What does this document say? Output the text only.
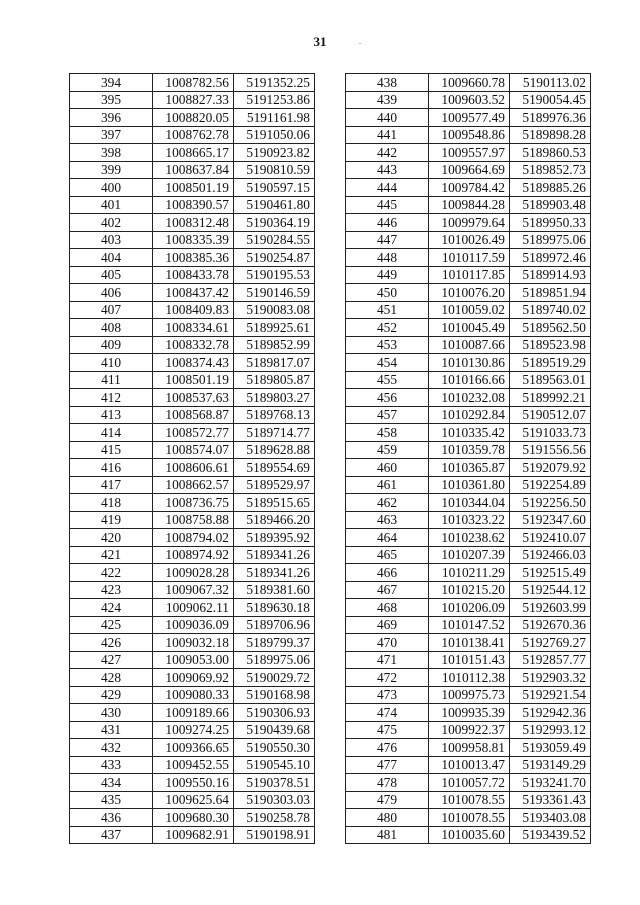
31
394	1008782.56	5191352.25
395	1008827.33	5191253.86
396	1008820.05	5191161.98
397	1008762.78	5191050.06
398	1008665.17	5190923.82
399	1008637.84	5190810.59
400	1008501.19	5190597.15
401	1008390.57	5190461.80
402	1008312.48	5190364.19
403	1008335.39	5190284.55
404	1008385.36	5190254.87
405	1008433.78	5190195.53
406	1008437.42	5190146.59
407	1008409.83	5190083.08
408	1008334.61	5189925.61
409	1008332.78	5189852.99
410	1008374.43	5189817.07
411	1008501.19	5189805.87
412	1008537.63	5189803.27
413	1008568.87	5189768.13
414	1008572.77	5189714.77
415	1008574.07	5189628.88
416	1008606.61	5189554.69
417	1008662.57	5189529.97
418	1008736.75	5189515.65
419	1008758.88	5189466.20
420	1008794.02	5189395.92
421	1008974.92	5189341.26
422	1009028.28	5189341.26
423	1009067.32	5189381.60
424	1009062.11	5189630.18
425	1009036.09	5189706.96
426	1009032.18	5189799.37
427	1009053.00	5189975.06
428	1009069.92	5190029.72
429	1009080.33	5190168.98
430	1009189.66	5190306.93
431	1009274.25	5190439.68
432	1009366.65	5190550.30
433	1009452.55	5190545.10
434	1009550.16	5190378.51
435	1009625.64	5190303.03
436	1009680.30	5190258.78
437	1009682.91	5190198.91
438	1009660.78	5190113.02
439	1009603.52	5190054.45
440	1009577.49	5189976.36
441	1009548.86	5189898.28
442	1009557.97	5189860.53
443	1009664.69	5189852.73
444	1009784.42	5189885.26
445	1009844.28	5189903.48
446	1009979.64	5189950.33
447	1010026.49	5189975.06
448	1010117.59	5189972.46
449	1010117.85	5189914.93
450	1010076.20	5189851.94
451	1010059.02	5189740.02
452	1010045.49	5189562.50
453	1010087.66	5189523.98
454	1010130.86	5189519.29
455	1010166.66	5189563.01
456	1010232.08	5189992.21
457	1010292.84	5190512.07
458	1010335.42	5191033.73
459	1010359.78	5191556.56
460	1010365.87	5192079.92
461	1010361.80	5192254.89
462	1010344.04	5192256.50
463	1010323.22	5192347.60
464	1010238.62	5192410.07
465	1010207.39	5192466.03
466	1010211.29	5192515.49
467	1010215.20	5192544.12
468	1010206.09	5192603.99
469	1010147.52	5192670.36
470	1010138.41	5192769.27
471	1010151.43	5192857.77
472	1010112.38	5192903.32
473	1009975.73	5192921.54
474	1009935.39	5192942.36
475	1009922.37	5192993.12
476	1009958.81	5193059.49
477	1010013.47	5193149.29
478	1010057.72	5193241.70
479	1010078.55	5193361.43
480	1010078.55	5193403.08
481	1010035.60	5193439.52
·
